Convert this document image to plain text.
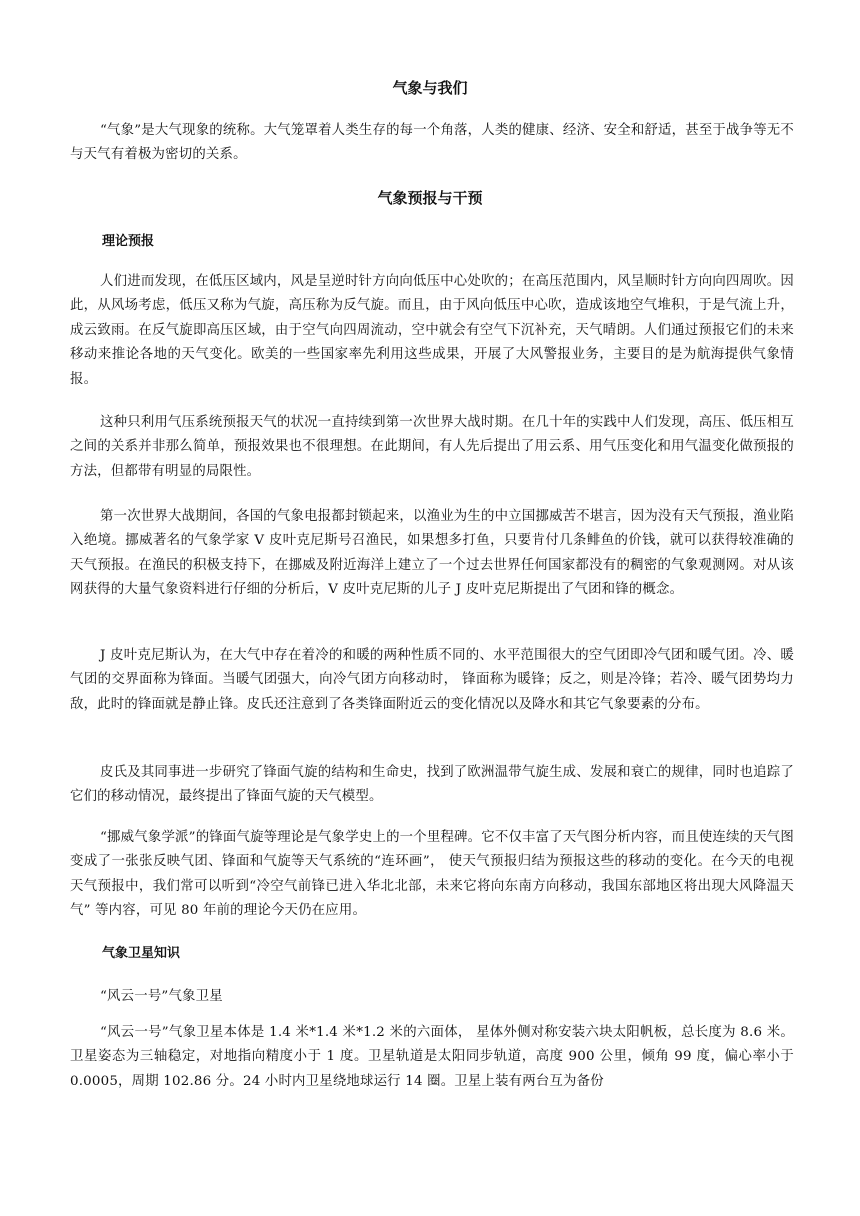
气象与我们
“气象”是大气现象的统称。大气笼罩着人类生存的每一个角落，人类的健康、经济、安全和舒适，甚至于战争等无不与天气有着极为密切的关系。
气象预报与干预
理论预报
人们进而发现，在低压区域内，风是呈逆时针方向向低压中心处吹的；在高压范围内，风呈顺时针方向向四周吹。因此，从风场考虑，低压又称为气旋，高压称为反气旋。而且，由于风向低压中心吹，造成该地空气堆积，于是气流上升，成云致雨。在反气旋即高压区域，由于空气向四周流动，空中就会有空气下沉补充，天气晴朗。人们通过预报它们的未来移动来推论各地的天气变化。欧美的一些国家率先利用这些成果，开展了大风警报业务，主要目的是为航海提供气象情报。
这种只利用气压系统预报天气的状况一直持续到第一次世界大战时期。在几十年的实践中人们发现，高压、低压相互之间的关系并非那么简单，预报效果也不很理想。在此期间，有人先后提出了用云系、用气压变化和用气温变化做预报的方法，但都带有明显的局限性。
第一次世界大战期间，各国的气象电报都封锁起来，以渔业为生的中立国挪威苦不堪言，因为没有天气预报，渔业陷入绝境。挪威著名的气象学家 V 皮叶克尼斯号召渔民，如果想多打鱼，只要肯付几条鲱鱼的价钱，就可以获得较准确的天气预报。在渔民的积极支持下，在挪威及附近海洋上建立了一个过去世界任何国家都没有的稠密的气象观测网。对从该网获得的大量气象资料进行仔细的分析后，V 皮叶克尼斯的儿子 J 皮叶克尼斯提出了气团和锋的概念。
J 皮叶克尼斯认为，在大气中存在着冷的和暖的两种性质不同的、水平范围很大的空气团即冷气团和暖气团。冷、暖气团的交界面称为锋面。当暖气团强大，向冷气团方向移动时， 锋面称为暖锋；反之，则是冷锋；若冷、暖气团势均力敌，此时的锋面就是静止锋。皮氏还注意到了各类锋面附近云的变化情况以及降水和其它气象要素的分布。
皮氏及其同事进一步研究了锋面气旋的结构和生命史，找到了欧洲温带气旋生成、发展和衰亡的规律，同时也追踪了它们的移动情况，最终提出了锋面气旋的天气模型。
“挪威气象学派”的锋面气旋等理论是气象学史上的一个里程碑。它不仅丰富了天气图分析内容，而且使连续的天气图变成了一张张反映气团、锋面和气旋等天气系统的“连环画”， 使天气预报归结为预报这些的移动的变化。在今天的电视天气预报中，我们常可以听到“冷空气前锋已进入华北北部，未来它将向东南方向移动，我国东部地区将出现大风降温天气” 等内容，可见 80 年前的理论今天仍在应用。
气象卫星知识
“风云一号”气象卫星
“风云一号”气象卫星本体是 1.4 米*1.4 米*1.2 米的六面体， 星体外侧对称安装六块太阳帆板，总长度为 8.6 米。卫星姿态为三轴稳定，对地指向精度小于 1 度。卫星轨道是太阳同步轨道，高度 900 公里，倾角 99 度，偏心率小于 0.0005，周期 102.86 分。24 小时内卫星绕地球运行 14 圈。卫星上装有两台互为备份
